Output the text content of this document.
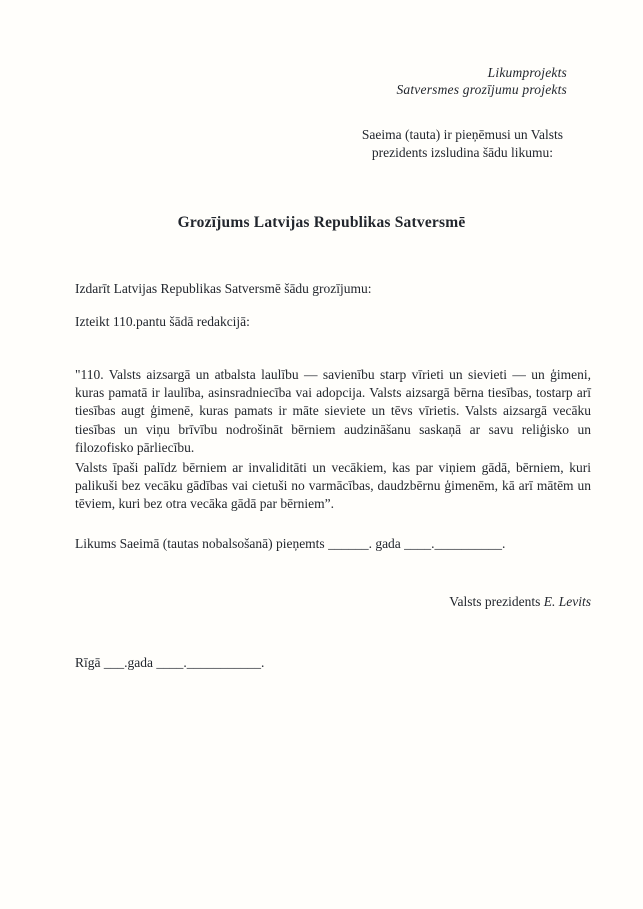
Likumprojekts
Satversmes grozījumu projekts
Saeima (tauta) ir pieņēmusi un Valsts
prezidents izsludina šādu likumu:
Grozījums Latvijas Republikas Satversmē
Izdarīt Latvijas Republikas Satversmē šādu grozījumu:
Izteikt 110.pantu šādā redakcijā:
"110. Valsts aizsargā un atbalsta laulību — savienību starp vīrieti un sievieti — un ģimeni, kuras pamatā ir laulība, asinsradniecība vai adopcija. Valsts aizsargā bērna tiesības, tostarp arī tiesības augt ģimenē, kuras pamats ir māte sieviete un tēvs vīrietis. Valsts aizsargā vecāku tiesības un viņu brīvību nodrošināt bērniem audzināšanu saskaņā ar savu reliģisko un filozofisko pārliecību.
Valsts īpaši palīdz bērniem ar invaliditāti un vecākiem, kas par viņiem gādā, bērniem, kuri palikuši bez vecāku gādības vai cietuši no varmācības, daudzbērnu ģimenēm, kā arī mātēm un tēviem, kuri bez otra vecāka gādā par bērniem”.
Likums Saeimā (tautas nobalsošanā) pieņemts ______. gada ____.__________.
Valsts prezidents E. Levits
Rīgā ___.gada ____.___________.
